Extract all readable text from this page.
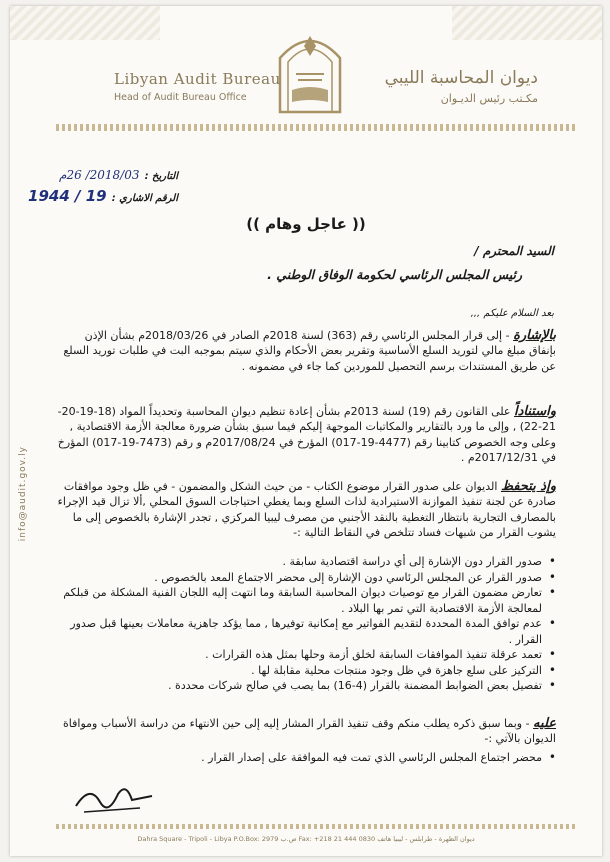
Libyan Audit Bureau
Head of Audit Bureau Office
ديوان المحاسبة الليبي
مكـتب رئيس الديـوان
info@audit.gov.ly
التاريخ : 2018/03/ 26م
الرقم الاشاري : 19 / 1944
(( عاجل وهام ))
السيد المحترم /
رئيس المجلس الرئاسي لحكومة الوفاق الوطني .
بعد السلام عليكم ,,,
بالإشارة - إلى قرار المجلس الرئاسي رقم (363) لسنة 2018م الصادر في 2018/03/26م بشأن الإذن بإنفاق مبلغ مالي لتوريد السلع الأساسية وتقرير بعض الأحكام والذي سيتم بموجبه البت في طلبات توريد السلع عن طريق المستندات برسم التحصيل للموردين كما جاء في مضمونه .
واستناداً على القانون رقم (19) لسنة 2013م بشأن إعادة تنظيم ديوان المحاسبة وتحديداً المواد (18-19-20-21-22) , وإلى ما ورد بالتقارير والمكاتبات الموجهة إليكم فيما سبق بشأن ضرورة معالجة الأزمة الاقتصادية , وعلى وجه الخصوص كتابينا رقم (4477-19-017) المؤرخ في 2017/08/24م و رقم (7473-19-017) المؤرخ في 2017/12/31م .
وإذ يتحفظ الديوان على صدور القرار موضوع الكتاب - من حيث الشكل والمضمون - في ظل وجود موافقات صادرة عن لجنة تنفيذ الموازنة الاستيرادية لذات السلع وبما يغطي احتياجات السوق المحلي ,ألا تزال قيد الإجراء بالمصارف التجارية بانتظار التغطية بالنقد الأجنبي من مصرف ليبيا المركزي , تجدر الإشارة بالخصوص إلى ما يشوب القرار من شبهات فساد تتلخص في النقاط التالية :-
• صدور القرار دون الإشارة إلى أي دراسة اقتصادية سابقة .
• صدور القرار عن المجلس الرئاسي دون الإشارة إلى محضر الاجتماع المعد بالخصوص .
• تعارض مضمون القرار مع توصيات ديوان المحاسبة السابقة وما انتهت إليه اللجان الفنية المشكلة من قبلكم لمعالجة الأزمة الاقتصادية التي تمر بها البلاد .
• عدم توافق المدة المحددة لتقديم الفواتير مع إمكانية توفيرها , مما يؤكد جاهزية معاملات بعينها قبل صدور القرار .
• تعمد عرقلة تنفيذ الموافقات السابقة لخلق أزمة وحلها بمثل هذه القرارات .
• التركيز على سلع جاهزة في ظل وجود منتجات محلية مقابلة لها .
• تفصيل بعض الضوابط المضمنة بالقرار (4-16) بما يصب في صالح شركات محددة .
عليه - وبما سبق ذكره يطلب منكم وقف تنفيذ القرار المشار إليه إلى حين الانتهاء من دراسة الأسباب وموافاة الديوان بالآتي :-
• محضر اجتماع المجلس الرئاسي الذي تمت فيه الموافقة على إصدار القرار .
Dahra Square - Tripoli - Libya P.O.Box: 2979 ص.ب Fax: +218 21 444 0830 ديوان الظهرة - طرابلس - ليبيا هاتف
